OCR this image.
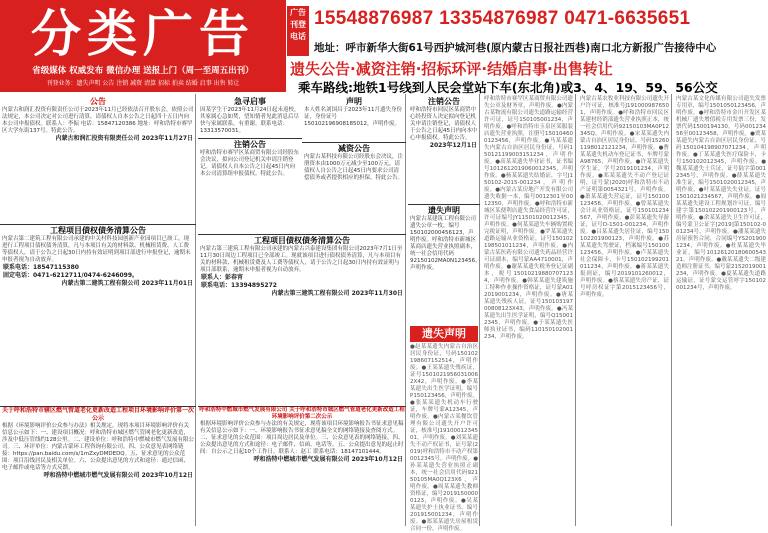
分类广告
省级媒体 权威发布 微信办理 送报上门（周一至周五出刊）
刊登业务：遗失声明 公告 注销 减资 清算 招标 拍卖 结婚 启事 出售 转让
广告刊登电话
15548876987 13354876987 0471-6635651
地址：呼市新华大街61号西护城河巷(原内蒙古日报社西巷)南口北方新报广告接待中心
遗失公告·减资注销·招标环评·结婚启事·出售转让
乘车路线:地铁1号线到人民会堂站下车(东北角)或3、4、19、59、56公交
公告
内蒙古和润汇投资有限责任公司于2023年11月已经依法召开股东会，依照公司法规定，本公司决定对公司进行清算。请债权人自本公告之日起四十五日内向本公司申报债权。联系人：李振 电话：15847120386 地址：呼和浩特市赛罕区大学东街137号。特此公告。
内蒙古和润汇投资有限责任公司 2023年11月27日
工程项目债权债务清算公告
内蒙古第二建筑工程有限公司承建的中关村科技园创新产业园项目已竣工。现进行工程项目债权债务清算，凡与本项目有关的材料款、机械租赁费、人工费等债权人，请于公告之日起30日内持有效证明到项目部进行申报登记，逾期未申报者视为自动放弃。
联系电话：18547115380
固定电话：0471-6212711/0474-6246099。
内蒙古第二建筑工程有限公司 2023年11月01日
关于呼和浩特市辖区燃气管道老化更新改造工程项目环境影响评价第一次公示
根据《环境影响评价公众参与办法》相关规定，现将本项目环境影响评价有关信息公示如下：一、建设项目概况：呼和浩特市城区燃气管网老化更新改造，涉及中低压管线约128公里。二、建设单位：呼和浩特中燃城市燃气发展有限公司。三、环评单位：内蒙古蒙环工程咨询有限公司。四、公众意见表网络链接：https://pan.baidu.com/s/1mZxyDMDEDQ。五、征求意见的公众范围：项目沿线居民及相关单位。六、公众提出意见的方式和途径：通过信函、电子邮件或电话等方式反馈。
呼和浩特中燃城市燃气发展有限公司 2023年10月12日
急寻启事
因某学生于2023年11月24日起未返校，其家属心急如焚，望知情者见此消息后尽快与家属联系，有重谢。联系电话：13313570031。
注销公告
呼和浩特市赛罕区某商贸有限公司经股东会决议，拟向公司登记机关申请注销登记。请债权人自本公告之日起45日内向本公司清算组申报债权。特此公告。
工程项目债权债务清算公告
内蒙古第三建筑工程有限公司承建的内蒙古兴泰建设集团有限公司2023年7月1日至11月30日周边工程项目已全部竣工。现就该项目进行债权债务清算，凡与本项目有关的材料款、机械租赁费及人工费等债权人，请于公告之日起30日内持有效证明与项目部联系，逾期未申报者视为自动放弃。
联系人：彭春宵
联系电话：13394895272
内蒙古第三建筑工程有限公司 2023年11月30日
呼和浩特中燃城市燃气发展有限公司 关于呼和浩特市城区燃气管道老化更新改造工程环境影响评价第二次公示
根据环境影响评价公众参与办法的有关规定，现将该项目环境影响报告书征求意见稿有关信息公示如下：一、环境影响报告书征求意见稿全文的网络链接及查阅方式。二、征求意见的公众范围：项目周边居民及单位。三、公众意见表的网络链接。四、公众提出意见的方式和途径：电子邮件、信函、电话等。五、公众提出意见的起止时间：自公示之日起10个工作日。联系人：赵工 联系电话：18147101444。
呼和浩特中燃城市燃气发展有限公司 2023年10月12日
声明
本人姓名刘国昌于2023年11月遗失身份证，身份证号150102196908185012，声明作废。
减资公告
内蒙古某科技有限公司经股东会决议，注册资本由1000万元减少至100万元，请债权人自公告之日起45日内要求公司清偿债务或者提供相应的担保。特此公告。
注销公告
呼和浩特市回民区某商贸中心经投资人决定拟向登记机关申请注销登记，请债权人于公告之日起45日内向本中心申报债权。特此公告。
2023年12月1日
遗失声明
内蒙古某建筑工程有限公司遗失公章一枚，编号150102000456123，声明作废。呼和浩特市新城区某商店遗失营业执照副本，统一社会信用代码92150102MA0N123456，声明作废。
遗失声明
●赵某某遗失内蒙古自治区居民身份证，号码150102198607152514，声明作废。●王某某遗失残疾证，证号15010219560310062X42，声明作废。●李某某遗失出生医学证明，编号P150123456，声明作废。●张某某遗失机动车行驶证，车牌号蒙A12345，声明作废。●内蒙古某餐饮管理有限公司遗失开户许可证，核准号J1910001234501，声明作废。●刘某某遗失不动产权证书，证号蒙(2019)呼和浩特市不动产权第0012345号，声明作废。●孙某某遗失营业执照正副本，统一社会信用代码92150105MA0Q123X6，声明作废。●周某某遗失教师资格证，编号20191500000123，声明作废。●吴某某遗失护士执业证书，编号201915001234，声明作废。●郑某某遗失房屋租赁合同一份，声明作废。
呼和浩特市赛罕区某商贸有限公司遗失公章及财务章，声明作废。●内蒙古某物流有限公司遗失道路运输经营许可证，证号150105001234，声明作废。●呼和浩特市玉泉区某服装店遗失营业执照，注册号150104600123456，声明作废。●马某某遗失内蒙古自治区居民身份证，号码150121199003151234，声明作废。●高某某遗失毕业证书，证书编号1012612019060012345，声明作废。●杨某某遗失结婚证，字号J150102-2015-001234，声明作废。●内蒙古某房地产开发有限公司遗失收据一本，编号0012301至0012350，声明作废。●呼和浩特市新城区某便利店遗失食品经营许可证，许可证编号JY11501020012345，声明作废。●何某某遗失车辆购置税完税证明，声明作废。●罗某某遗失道路运输从业资格证，证号150102198501011234，声明作废。●内蒙古某医药有限公司遗失药品经营许可证副本，编号蒙AA4710001，声明作废。●谢某某遗失税务登记证副本，税号150102198807071234，声明作废。●韩某某遗失建筑施工特种作业操作资格证，证号蒙A012019001234，声明作废。●唐某某遗失残疾人证，证号15010319700808123X43，声明作废。●冯某某遗失出生医学证明，编号Q150012345，声明作废。●于某某遗失医师执业证书，编码110150102001234，声明作废。
内蒙古某农牧业科技有限公司遗失开户许可证，核准号J1910009876501，声明作废。●呼和浩特市回民区某建材经销部遗失营业执照正本，统一社会信用代码92150103MA0P12345Q，声明作废。●宋某某遗失内蒙古自治区居民身份证，号码152601198012121234，声明作废。●曹某某遗失机动车登记证书，车牌号蒙A98765，声明作废。●许某某遗失学生证，学号2019101234，声明作废。●邓某某遗失不动产登记证明，证号蒙(2020)呼和浩特市不动产证明第0054321号，声明作废。●萧某某遗失营运证，证号150100123456，声明作废。●曾某某遗失会计从业资格证，证号150101234567，声明作废。●彭某某遗失导游证，证号D-1501-001234，声明作废。●吕某某遗失居住证，编号150102201900123，声明作废。●苏某某遗失驾驶证，档案编号150100123456，声明作废。●卢某某遗失社会保障卡，卡号150102199201011234，声明作废。●蒋某某遗失报到证，编号2019101260012，声明作废。●蔡某某遗失房产证，证号呼房权证字第2015123456号，声明作废。
内蒙古某文化传媒有限公司遗失发票专用章，编号1501050123456，声明作废。●呼和浩特市金川开发区某机械厂遗失增值税专用发票三份，发票代码1500194130，号码00123456至00123458，声明作废。●贾某某遗失内蒙古自治区居民身份证，号码150104198907071234，声明作废。●丁某某遗失医疗保险卡，卡号150102012345，声明作废。●魏某某遗失士兵证，证号陆字第0012345号，声明作废。●薛某某遗失准生证，编号1501020012345，声明作废。●叶某某遗失失业证，证号1501021234567，声明作废。●阎某某遗失建设工程规划许可证，编号建字第150102201900123号，声明作废。●余某某遗失卫生许可证，编号蒙卫公证字[2019]第150102-001234号，声明作废。●潘某某遗失房屋预售合同，合同编号YS2019001234，声明作废。●杜某某遗失毕业证，编号1012612018060054321，声明作废。●戴某某遗失二级建造师注册证书，编号蒙2152019001234，声明作废。●夏某某遗失道路运输证，证号蒙交运管呼字150102001234号，声明作废。
